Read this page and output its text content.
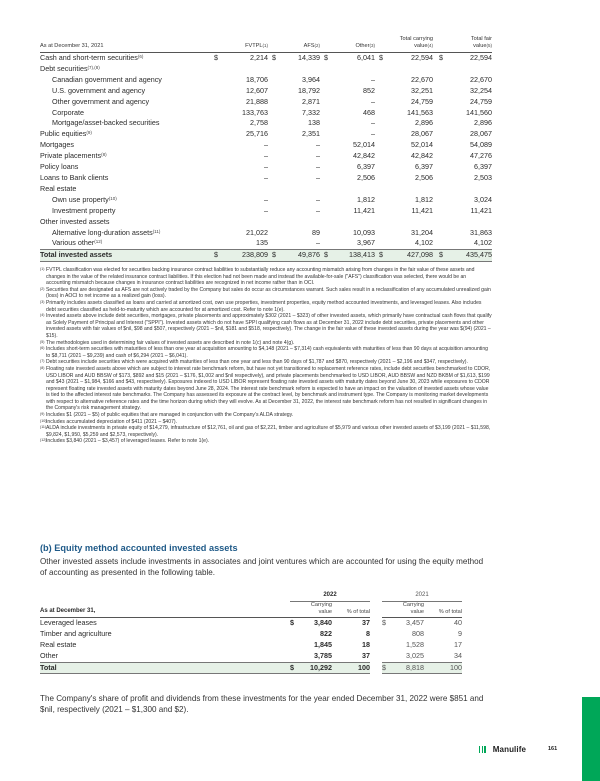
As at December 31, 2021	FVTPL$^{(1)}$	AFS$^{(2)}$	Other$^{(3)}$	Total carrying value$^{(4)}$	Total fair value$^{(5)}$
Cash and short-term securities$^{(6)}$	$ 2,214	$ 14,339	$ 6,041	$ 22,594	$ 22,594

Debt securities$^{(7),(8)}$					
Canadian government and agency	18,706	3,964	–	22,670	22,670
U.S. government and agency	12,607	18,792	852	32,251	32,254
Other government and agency	21,888	2,871	–	24,759	24,759
Corporate	133,763	7,332	468	141,563	141,560
Mortgage/asset-backed securities	2,758	138	–	2,896	2,896
Public equities$^{(9)}$	25,716	2,351	–	28,067	28,067
Mortgages	–	–	52,014	52,014	54,089
Private placements$^{(8)}$	–	–	42,842	42,842	47,276
Policy loans	–	–	6,397	6,397	6,397
Loans to Bank clients	–	–	2,506	2,506	2,503
Real estate					
Own use property$^{(10)}$	–	–	1,812	1,812	3,024
Investment property	–	–	11,421	11,421	11,421
Other invested assets					
Alternative long-duration assets$^{(11)}$	21,022	89	10,093	31,204	31,863
Various other$^{(12)}$	135	–	3,967	4,102	4,102
Total invested assets	$ 238,809	$ 49,876	$ 138,413	$ 427,098	$ 435,475
(1) FVTPL classification was elected for securities backing insurance contract liabilities to substantially reduce any accounting mismatch arising from changes in the fair value of these assets and changes in the value of the related insurance contract liabilities. If this election had not been made and instead the available-for-sale ("AFS") classification was selected, there would be an accounting mismatch because changes in insurance contract liabilities are recognized in net income rather than in OCI.
(2) Securities that are designated as AFS are not actively traded by the Company but sales do occur as circumstances warrant. Such sales result in a reclassification of any accumulated unrealized gain (loss) in AOCI to net income as a realized gain (loss).
(3) Primarily includes assets classified as loans and carried at amortized cost, own use properties, investment properties, equity method accounted investments, and leveraged leases. Also includes debt securities classified as held-to-maturity which are accounted for at amortized cost. Refer to note 1(e).
(4) Invested assets above include debt securities, mortgages, private placements and approximately $302 (2021 – $323) of other invested assets, which primarily have contractual cash flows that qualify as Solely Payment of Principal and Interest ("SPPI"). Invested assets which do not have SPPI qualifying cash flows as at December 31, 2022 include debt securities, private placements and other invested assets with fair values of $nil, $98 and $507, respectively (2021 – $nil, $181 and $518, respectively). The change in the fair value of these invested assets during the year was $(94) (2021 – $15).
(5) The methodologies used in determining fair values of invested assets are described in note 1(c) and note 4(g).
(6) Includes short-term securities with maturities of less than one year at acquisition amounting to $4,148 (2021 – $7,314) cash equivalents with maturities of less than 90 days at acquisition amounting to $8,711 (2021 – $9,239) and cash of $6,294 (2021 – $6,041).
(7) Debt securities include securities which were acquired with maturities of less than one year and less than 90 days of $1,787 and $870, respectively (2021 – $2,196 and $347, respectively).
(8) Floating rate invested assets above which are subject to interest rate benchmark reform, but have not yet transitioned to replacement reference rates, include debt securities benchmarked to CDOR, USD LIBOR and AUD BBSW of $173, $892 and $15 (2021 – $176, $1,002 and $nil respectively), and private placements benchmarked to USD LIBOR, AUD BBSW and NZD BKBM of $1,613, $199 and $43 (2021 – $1,984, $166 and $43, respectively). Exposures indexed to USD LIBOR represent floating rate invested assets with maturity dates beyond June 30, 2023 while exposures to CDOR represent floating rate invested assets with maturity dates beyond June 28, 2024. The interest rate benchmark reform is expected to have an impact on the valuation of invested assets whose value is tied to the affected interest rate benchmarks. The Company has assessed its exposure at the contract level, by benchmark and instrument type. The Company is monitoring market developments with respect to alternative reference rates and the time horizon during which they will evolve. As at December 31, 2022, the interest rate benchmark reform has not resulted in significant changes in the Company's risk management strategy.
(9) Includes $1 (2021 – $5) of public equities that are managed in conjunction with the Company's ALDA strategy.
(10) Includes accumulated depreciation of $411 (2021 – $407).
(11) ALDA include investments in private equity of $14,279, infrastructure of $12,761, oil and gas of $2,221, timber and agriculture of $5,979 and various other invested assets of $3,199 (2021 – $11,598, $9,824, $1,950, $5,259 and $2,573, respectively).
(12) Includes $3,840 (2021 – $3,457) of leveraged leases. Refer to note 1(e).
(b) Equity method accounted invested assets
Other invested assets include investments in associates and joint ventures which are accounted for using the equity method of accounting as presented in the following table.
	2022			2021		
As at December 31,	Carrying value	% of total		Carrying value	% of total	
Leveraged leases	$ 3,840	37		$ 3,457	40	
Timber and agriculture	822	8		808	9	
Real estate	1,845	18		1,528	17	
Other	3,785	37		3,025	34	
Total	$ 10,292	100		$ 8,818	100	
The Company's share of profit and dividends from these investments for the year ended December 31, 2022 were $851 and $nil, respectively (2021 – $1,300 and $2).
Manulife	161
